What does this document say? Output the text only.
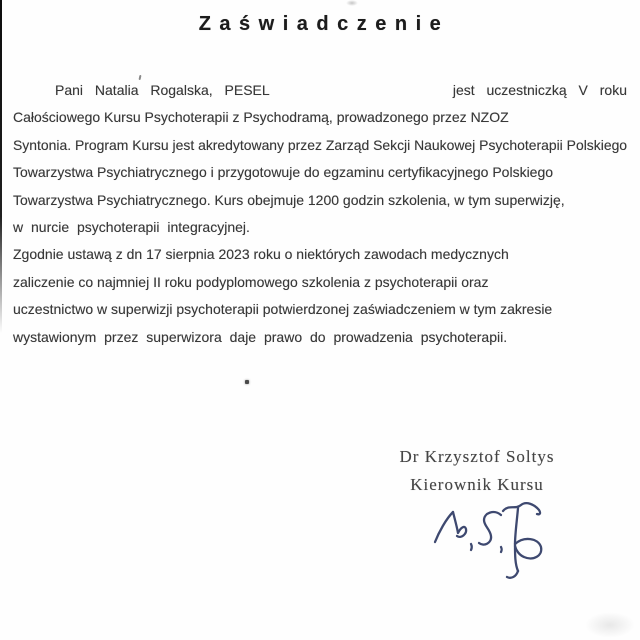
Zaświadczenie
Pani Natalia Rogalska, PESEL	jest uczestniczką V roku
Całościowego Kursu Psychoterapii z Psychodramą, prowadzonego przez NZOZ
Syntonia. Program Kursu jest akredytowany przez Zarząd Sekcji Naukowej Psychoterapii Polskiego
Towarzystwa Psychiatrycznego i przygotowuje do egzaminu certyfikacyjnego Polskiego
Towarzystwa Psychiatrycznego. Kurs obejmuje 1200 godzin szkolenia, w tym superwizję,
w nurcie psychoterapii integracyjnej.
Zgodnie ustawą z dn 17 sierpnia 2023 roku o niektórych zawodach medycznych
zaliczenie co najmniej II roku podyplomowego szkolenia z psychoterapii oraz
uczestnictwo w superwizji psychoterapii potwierdzonej zaświadczeniem w tym zakresie
wystawionym przez superwizora daje prawo do prowadzenia psychoterapii.
Dr Krzysztof Soltys
Kierownik Kursu
